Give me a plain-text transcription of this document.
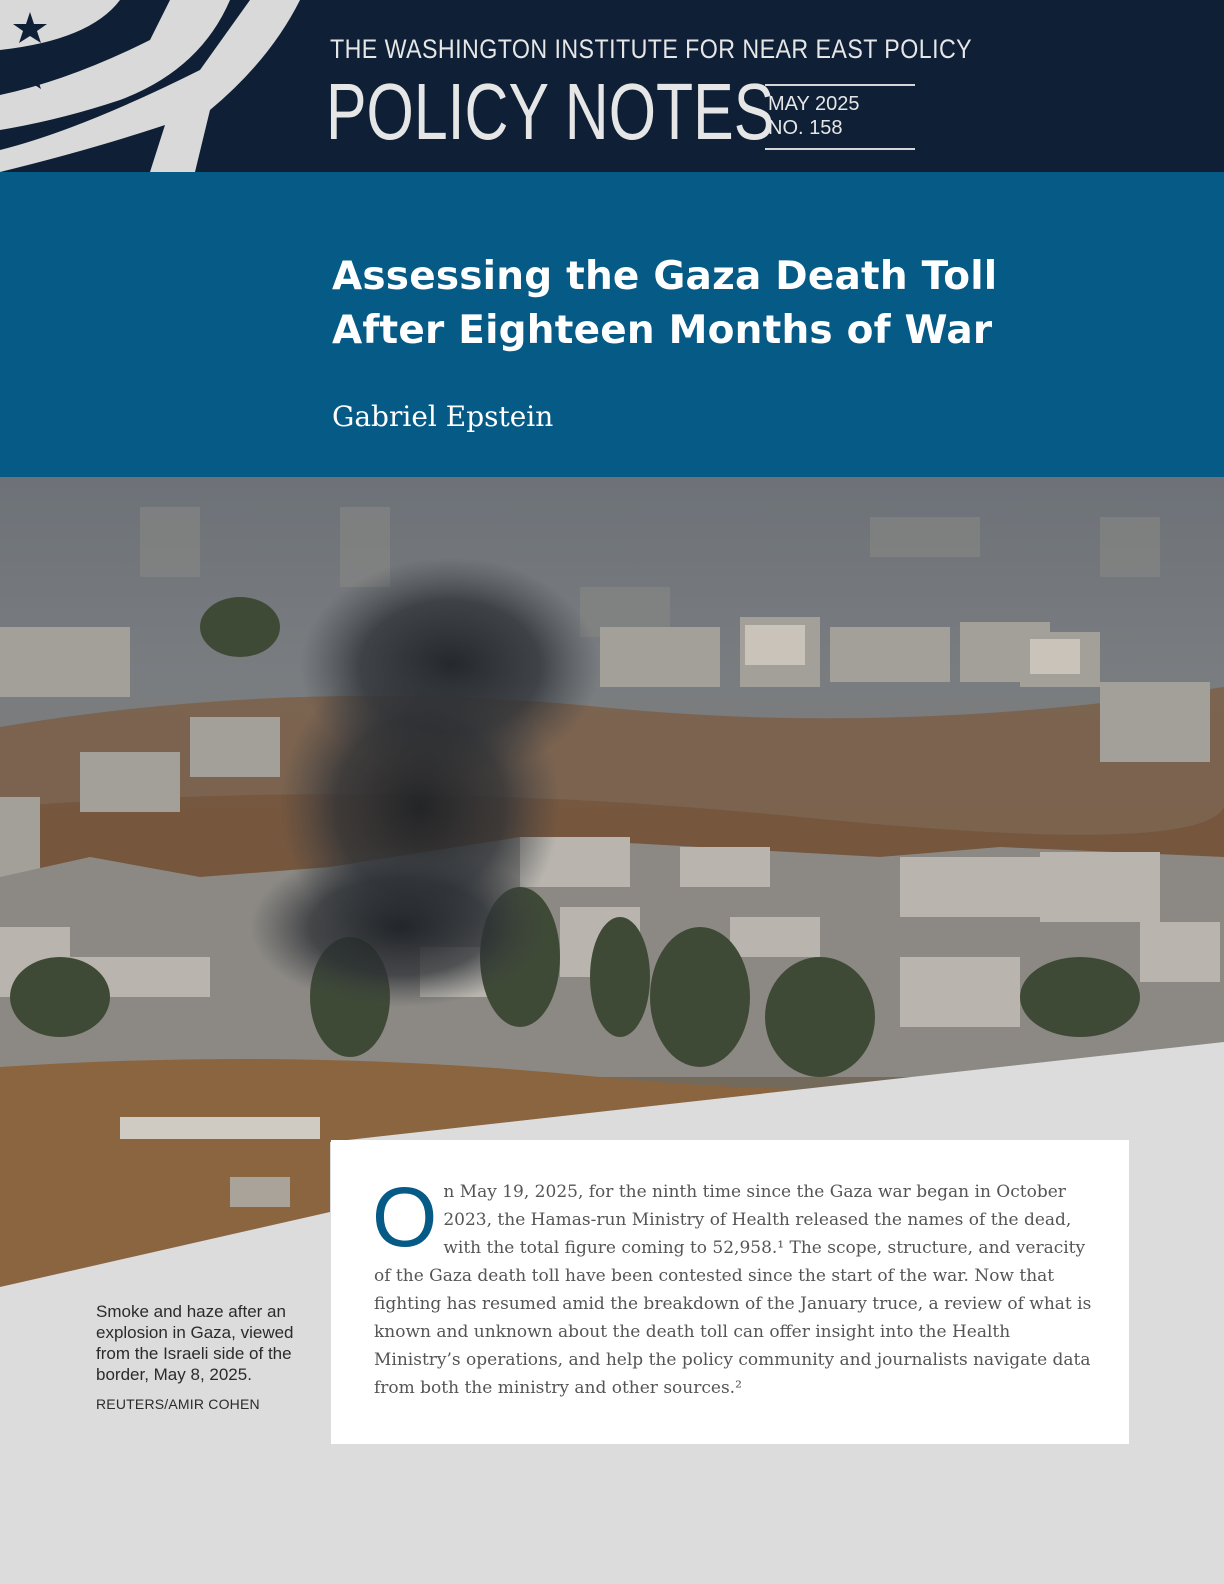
THE WASHINGTON INSTITUTE FOR NEAR EAST POLICY
POLICY NOTES
MAY 2025
NO. 158
Assessing the Gaza Death Toll
After Eighteen Months of War
Gabriel Epstein
Smoke and haze after an explosion in Gaza, viewed from the Israeli side of the border, May 8, 2025.
REUTERS/AMIR COHEN
On May 19, 2025, for the ninth time since the Gaza war began in October 2023, the Hamas-run Ministry of Health released the names of the dead, with the total figure coming to 52,958.¹ The scope, structure, and veracity of the Gaza death toll have been contested since the start of the war. Now that fighting has resumed amid the breakdown of the January truce, a review of what is known and unknown about the death toll can offer insight into the Health Ministry’s operations, and help the policy community and journalists navigate data from both the ministry and other sources.²
